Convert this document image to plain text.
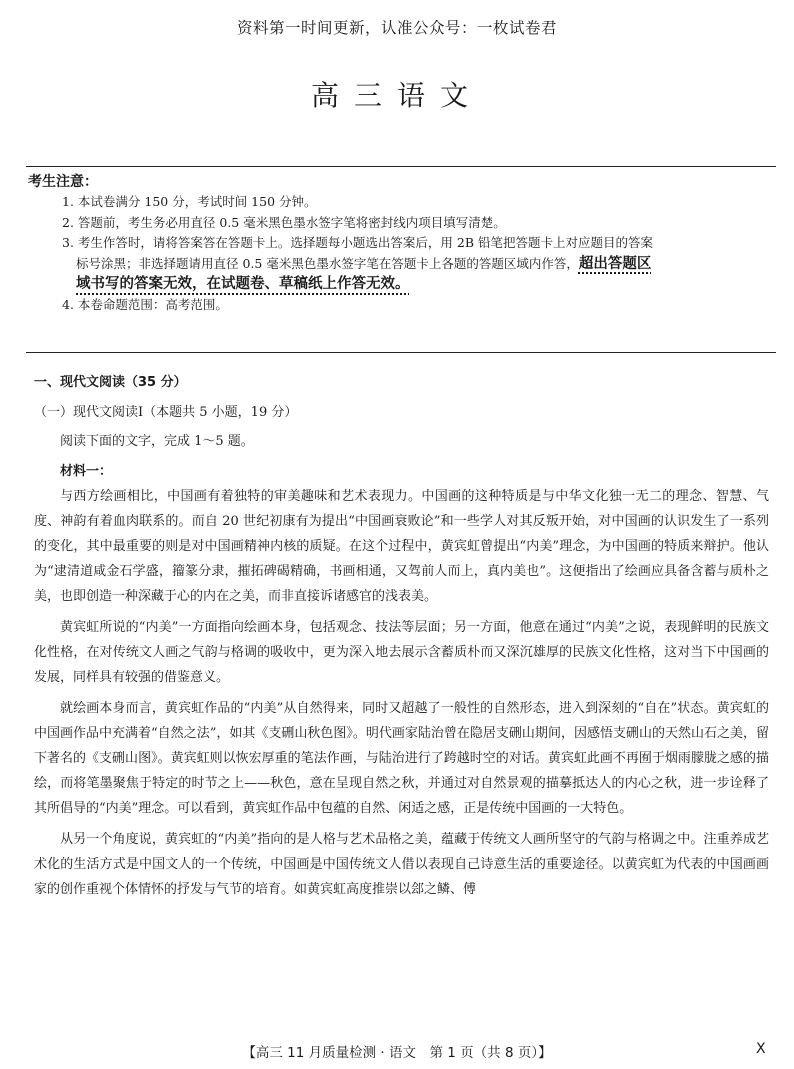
资料第一时间更新，认准公众号：一枚试卷君
高三语文
考生注意：
1. 本试卷满分 150 分，考试时间 150 分钟。
2. 答题前，考生务必用直径 0.5 毫米黑色墨水签字笔将密封线内项目填写清楚。
3. 考生作答时，请将答案答在答题卡上。选择题每小题选出答案后，用 2B 铅笔把答题卡上对应题目的答案
标号涂黑；非选择题请用直径 0.5 毫米黑色墨水签字笔在答题卡上各题的答题区域内作答，超出答题区
域书写的答案无效，在试题卷、草稿纸上作答无效。
4. 本卷命题范围：高考范围。
一、现代文阅读（35 分）
（一）现代文阅读Ⅰ（本题共 5 小题，19 分）
阅读下面的文字，完成 1～5 题。
材料一：

与西方绘画相比，中国画有着独特的审美趣味和艺术表现力。中国画的这种特质是与中华文化独一无二的理念、智慧、气度、神韵有着血肉联系的。而自 20 世纪初康有为提出“中国画衰败论”和一些学人对其反叛开始，对中国画的认识发生了一系列的变化，其中最重要的则是对中国画精神内核的质疑。在这个过程中，黄宾虹曾提出“内美”理念，为中国画的特质来辩护。他认为“逮清道咸金石学盛，籀篆分隶，摧拓碑碣精确，书画相通，又驾前人而上，真内美也”。这便指出了绘画应具备含蓄与质朴之美，也即创造一种深藏于心的内在之美，而非直接诉诸感官的浅表美。

黄宾虹所说的“内美”一方面指向绘画本身，包括观念、技法等层面；另一方面，他意在通过“内美”之说，表现鲜明的民族文化性格，在对传统文人画之气韵与格调的吸收中，更为深入地去展示含蓄质朴而又深沉雄厚的民族文化性格，这对当下中国画的发展，同样具有较强的借鉴意义。

就绘画本身而言，黄宾虹作品的“内美”从自然得来，同时又超越了一般性的自然形态，进入到深刻的“自在”状态。黄宾虹的中国画作品中充满着“自然之法”，如其《支硎山秋色图》。明代画家陆治曾在隐居支硎山期间，因感悟支硎山的天然山石之美，留下著名的《支硎山图》。黄宾虹则以恢宏厚重的笔法作画，与陆治进行了跨越时空的对话。黄宾虹此画不再囿于烟雨朦胧之感的描绘，而将笔墨聚焦于特定的时节之上——秋色，意在呈现自然之秋，并通过对自然景观的描摹抵达人的内心之秋，进一步诠释了其所倡导的“内美”理念。可以看到，黄宾虹作品中包蕴的自然、闲适之感，正是传统中国画的一大特色。

从另一个角度说，黄宾虹的“内美”指向的是人格与艺术品格之美，蕴藏于传统文人画所坚守的气韵与格调之中。注重养成艺术化的生活方式是中国文人的一个传统，中国画是中国传统文人借以表现自己诗意生活的重要途径。以黄宾虹为代表的中国画画家的创作重视个体情怀的抒发与气节的培育。如黄宾虹高度推崇以郐之鳞、傅

【高三 11 月质量检测 · 语文　第 1 页（共 8 页）】	X
